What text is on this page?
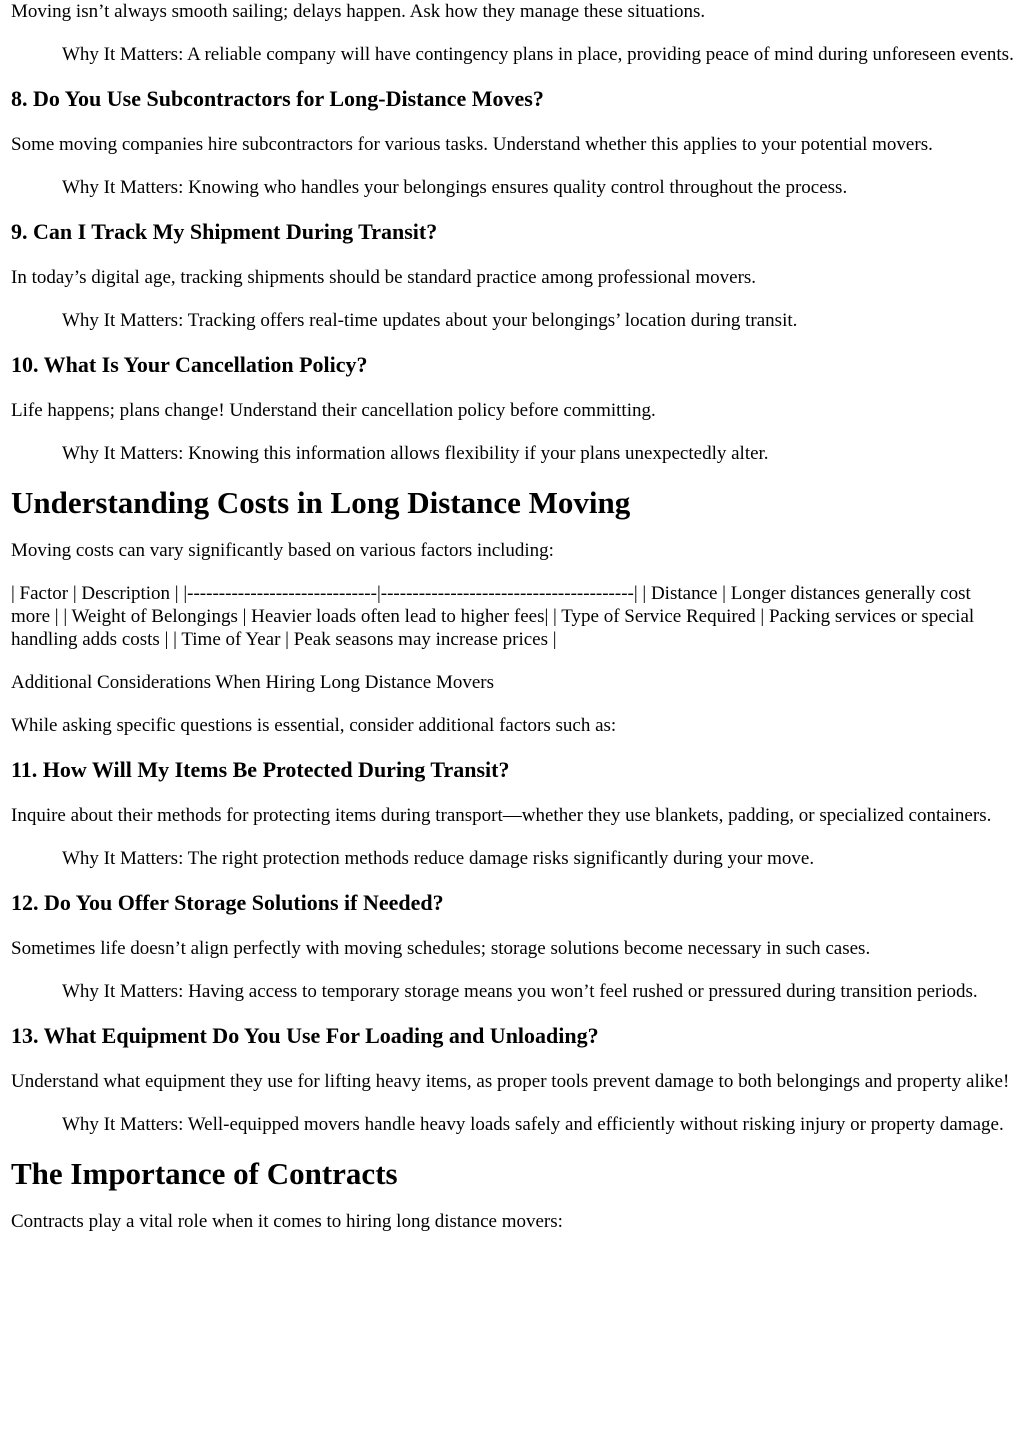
Moving isn’t always smooth sailing; delays happen. Ask how they manage these situations.

Why It Matters: A reliable company will have contingency plans in place, providing peace of mind during unforeseen events.

8. Do You Use Subcontractors for Long-Distance Moves?

Some moving companies hire subcontractors for various tasks. Understand whether this applies to your potential movers.

Why It Matters: Knowing who handles your belongings ensures quality control throughout the process.

9. Can I Track My Shipment During Transit?

In today’s digital age, tracking shipments should be standard practice among professional movers.

Why It Matters: Tracking offers real-time updates about your belongings’ location during transit.

10. What Is Your Cancellation Policy?

Life happens; plans change! Understand their cancellation policy before committing.

Why It Matters: Knowing this information allows flexibility if your plans unexpectedly alter.

Understanding Costs in Long Distance Moving

Moving costs can vary significantly based on various factors including:

| Factor | Description | |------------------------------|----------------------------------------| | Distance | Longer distances generally cost more | | Weight of Belongings | Heavier loads often lead to higher fees| | Type of Service Required | Packing services or special handling adds costs | | Time of Year | Peak seasons may increase prices |

Additional Considerations When Hiring Long Distance Movers

While asking specific questions is essential, consider additional factors such as:

11. How Will My Items Be Protected During Transit?

Inquire about their methods for protecting items during transport—whether they use blankets, padding, or specialized containers.

Why It Matters: The right protection methods reduce damage risks significantly during your move.

12. Do You Offer Storage Solutions if Needed?

Sometimes life doesn’t align perfectly with moving schedules; storage solutions become necessary in such cases.

Why It Matters: Having access to temporary storage means you won’t feel rushed or pressured during transition periods.

13. What Equipment Do You Use For Loading and Unloading?

Understand what equipment they use for lifting heavy items, as proper tools prevent damage to both belongings and property alike!

Why It Matters: Well-equipped movers handle heavy loads safely and efficiently without risking injury or property damage.

The Importance of Contracts

Contracts play a vital role when it comes to hiring long distance movers:
